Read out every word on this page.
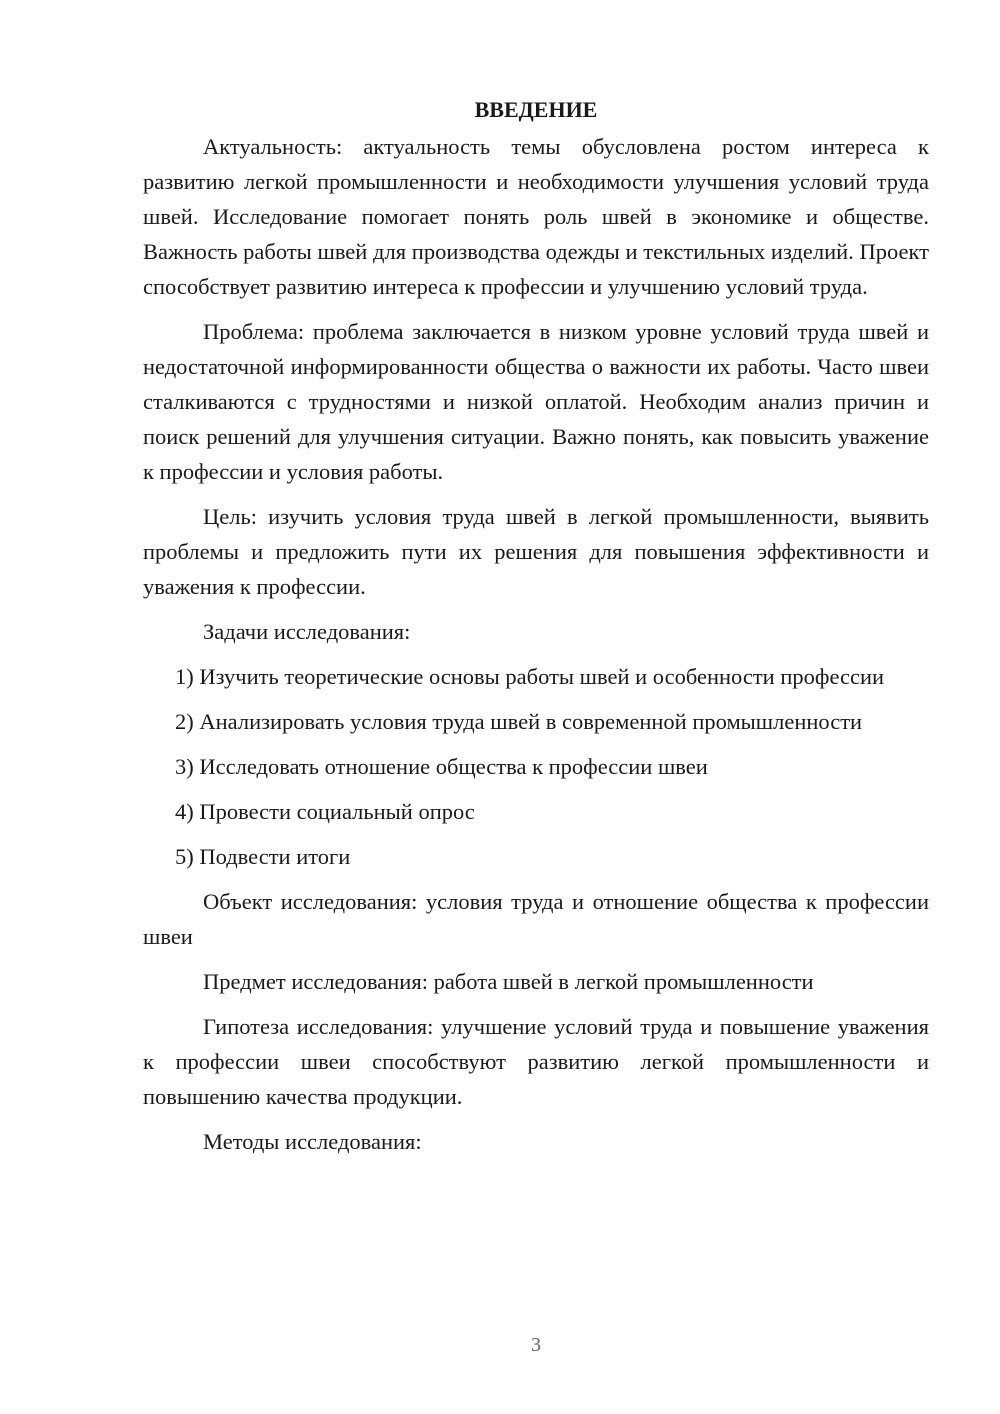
ВВЕДЕНИЕ

Актуальность: актуальность темы обусловлена ростом интереса к развитию легкой промышленности и необходимости улучшения условий труда швей. Исследование помогает понять роль швей в экономике и обществе. Важность работы швей для производства одежды и текстильных изделий. Проект способствует развитию интереса к профессии и улучшению условий труда.

Проблема: проблема заключается в низком уровне условий труда швей и недостаточной информированности общества о важности их работы. Часто швеи сталкиваются с трудностями и низкой оплатой. Необходим анализ причин и поиск решений для улучшения ситуации. Важно понять, как повысить уважение к профессии и условия работы.

Цель: изучить условия труда швей в легкой промышленности, выявить проблемы и предложить пути их решения для повышения эффективности и уважения к профессии.

Задачи исследования:

1) Изучить теоретические основы работы швей и особенности профессии

2) Анализировать условия труда швей в современной промышленности

3) Исследовать отношение общества к профессии швеи

4) Провести социальный опрос

5) Подвести итоги

Объект исследования: условия труда и отношение общества к профессии швеи

Предмет исследования: работа швей в легкой промышленности

Гипотеза исследования: улучшение условий труда и повышение уважения к профессии швеи способствуют развитию легкой промышленности и повышению качества продукции.

Методы исследования:

3
